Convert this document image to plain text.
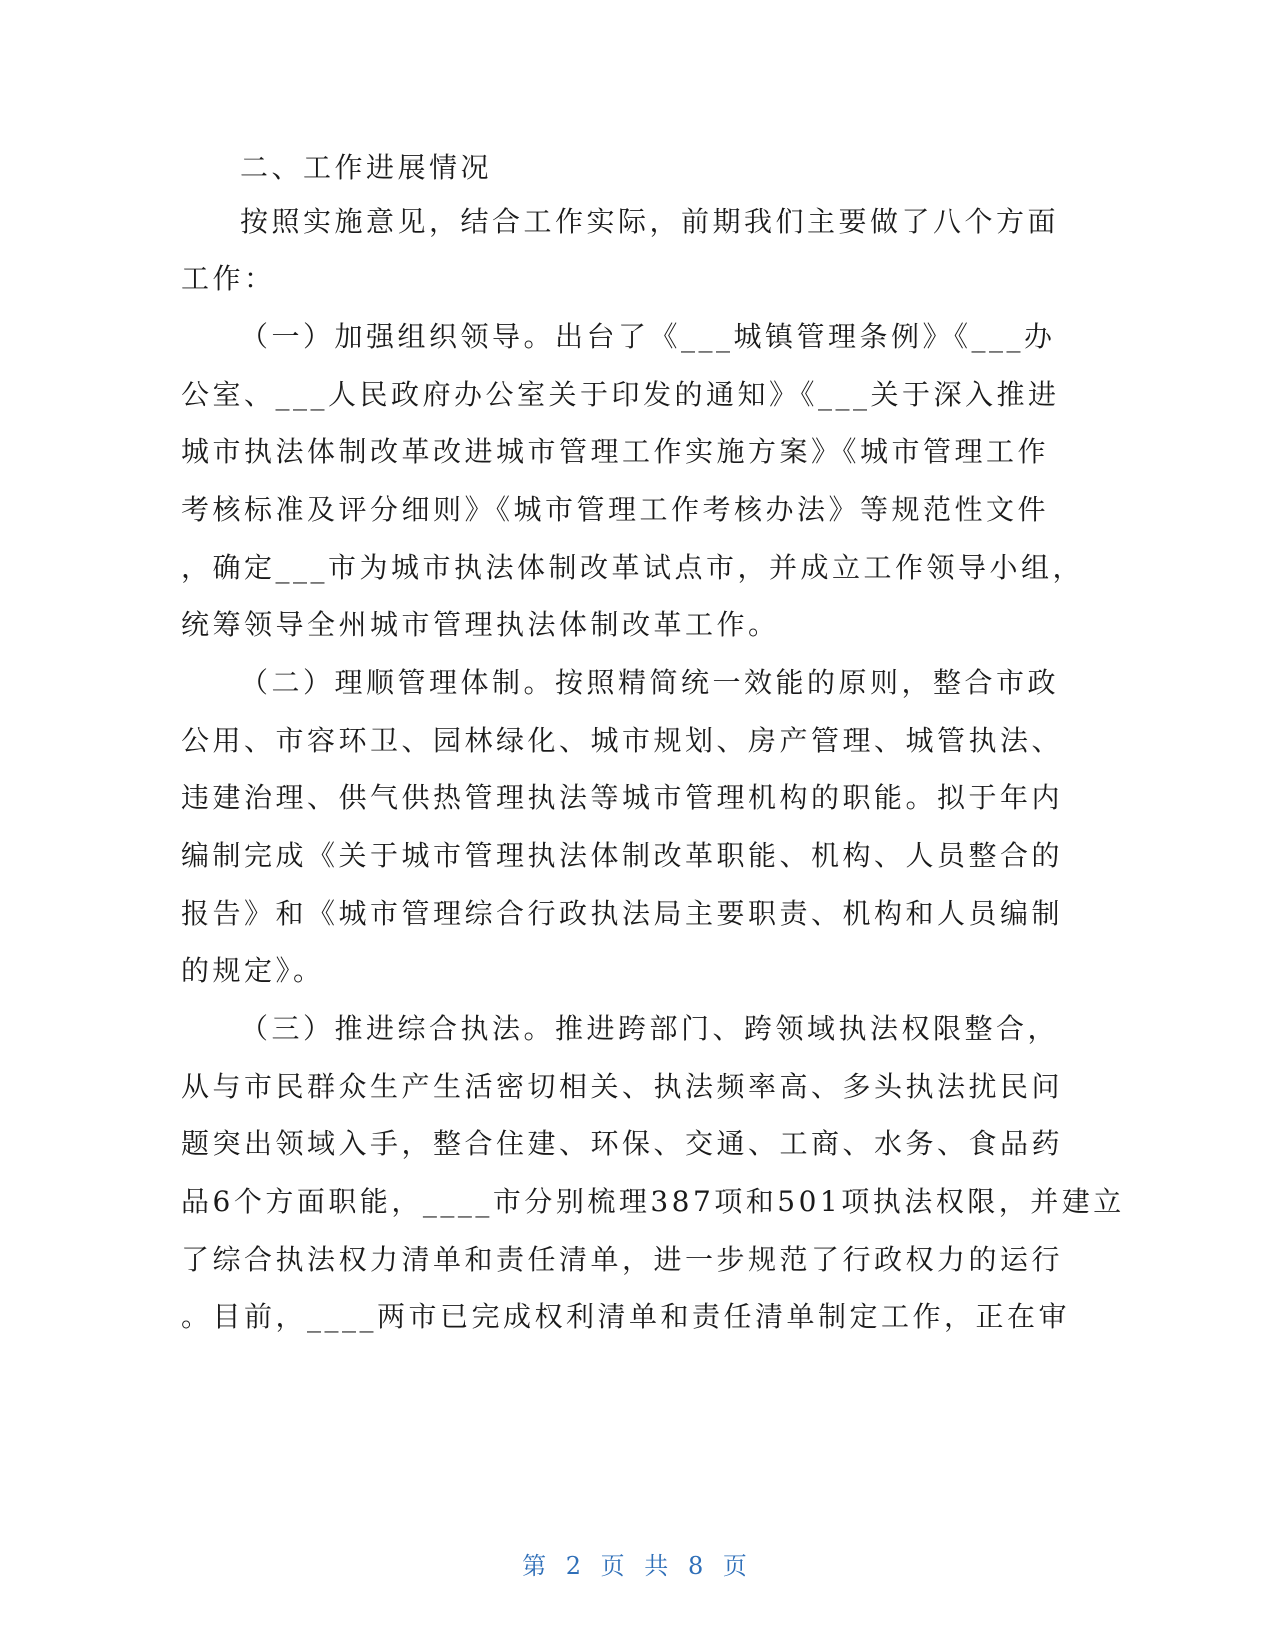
二、工作进展情况
按照实施意见，结合工作实际，前期我们主要做了八个方面
工作：
（一）加强组织领导。出台了《___城镇管理条例》《___办
公室、___人民政府办公室关于印发的通知》《___关于深入推进
城市执法体制改革改进城市管理工作实施方案》《城市管理工作
考核标准及评分细则》《城市管理工作考核办法》等规范性文件
，确定___市为城市执法体制改革试点市，并成立工作领导小组，
统筹领导全州城市管理执法体制改革工作。
（二）理顺管理体制。按照精简统一效能的原则，整合市政
公用、市容环卫、园林绿化、城市规划、房产管理、城管执法、
违建治理、供气供热管理执法等城市管理机构的职能。拟于年内
编制完成《关于城市管理执法体制改革职能、机构、人员整合的
报告》和《城市管理综合行政执法局主要职责、机构和人员编制
的规定》。
（三）推进综合执法。推进跨部门、跨领域执法权限整合，
从与市民群众生产生活密切相关、执法频率高、多头执法扰民问
题突出领域入手，整合住建、环保、交通、工商、水务、食品药
品6个方面职能，____市分别梳理387项和501项执法权限，并建立
了综合执法权力清单和责任清单，进一步规范了行政权力的运行
。目前，____两市已完成权利清单和责任清单制定工作，正在审
第 2 页 共 8 页
